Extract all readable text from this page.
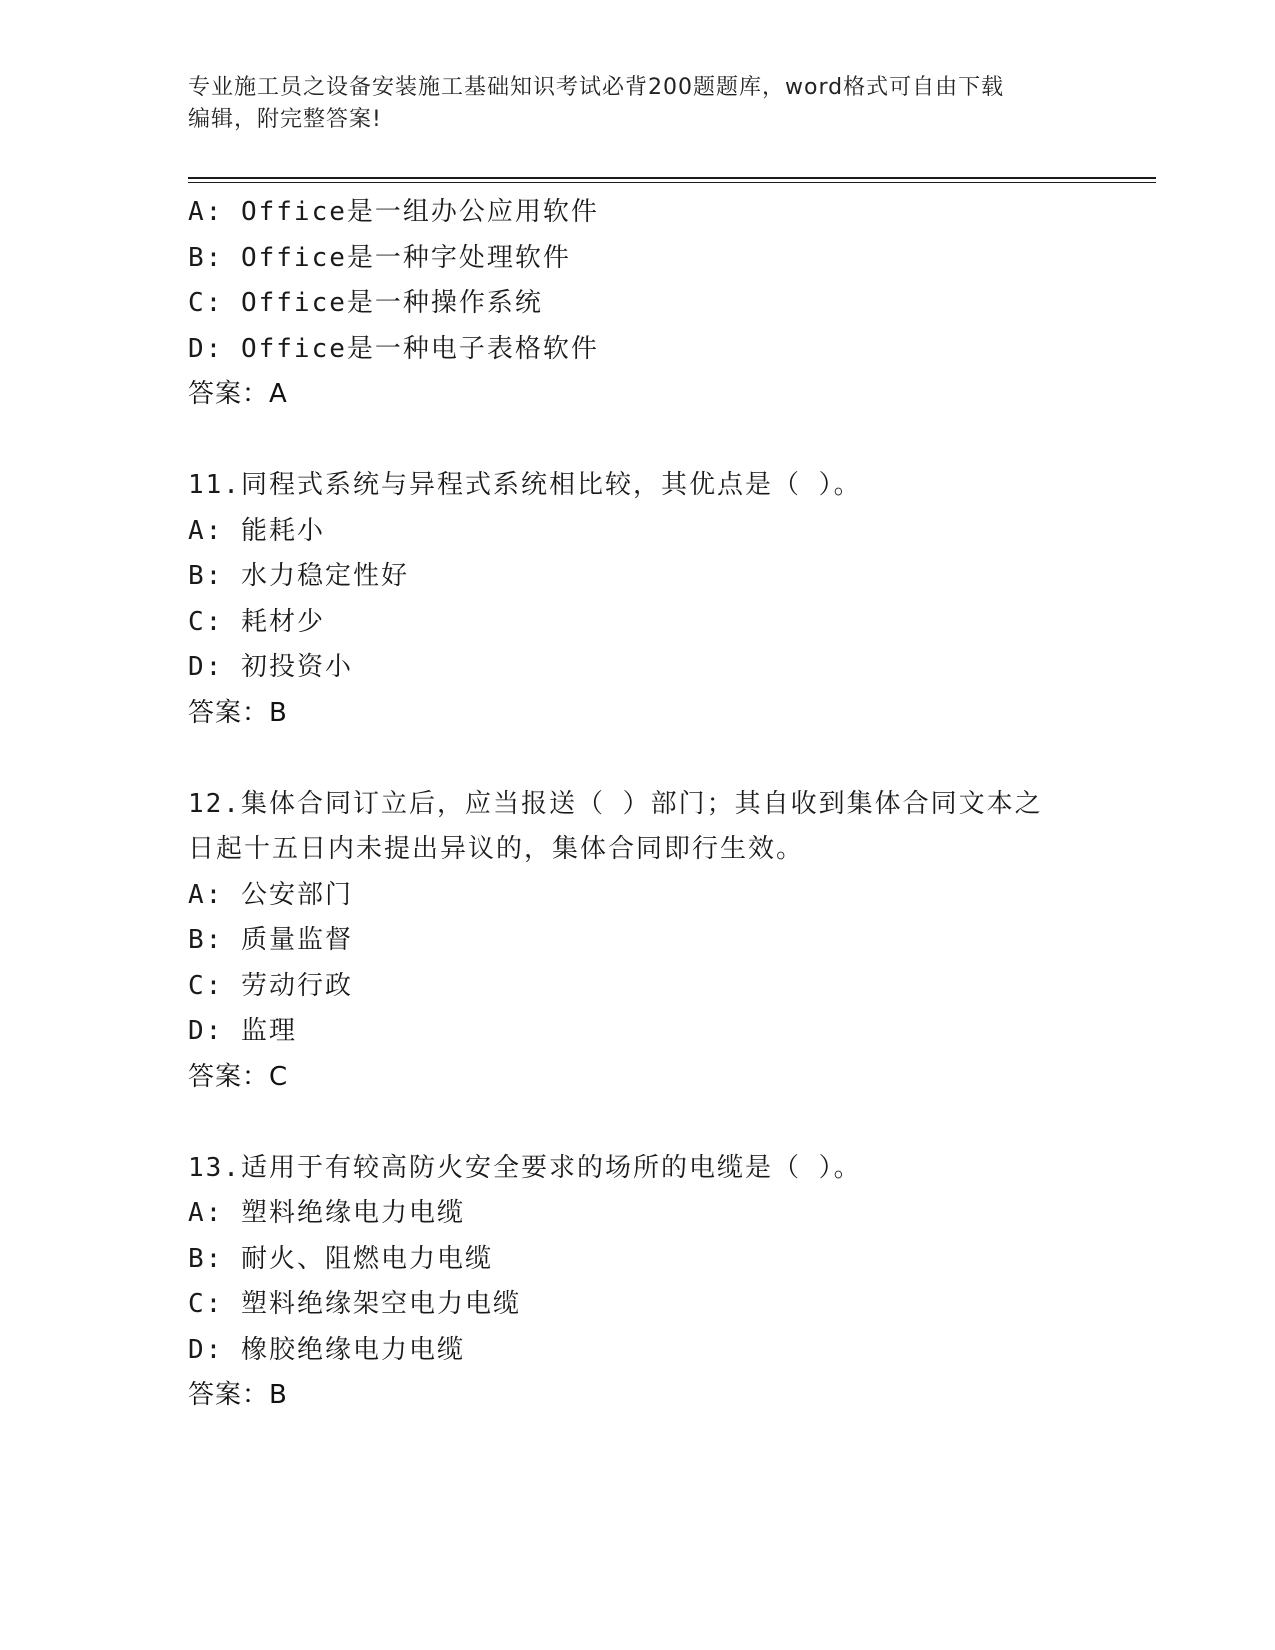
专业施工员之设备安装施工基础知识考试必背200题题库，word格式可自由下载
编辑，附完整答案!
A: Office是一组办公应用软件
B: Office是一种字处理软件
C: Office是一种操作系统
D: Office是一种电子表格软件
答案：A
11.同程式系统与异程式系统相比较，其优点是（ ）。
A: 能耗小
B: 水力稳定性好
C: 耗材少
D: 初投资小
答案：B
12.集体合同订立后，应当报送（ ）部门；其自收到集体合同文本之
日起十五日内未提出异议的，集体合同即行生效。
A: 公安部门
B: 质量监督
C: 劳动行政
D: 监理
答案：C
13.适用于有较高防火安全要求的场所的电缆是（ ）。
A: 塑料绝缘电力电缆
B: 耐火、阻燃电力电缆
C: 塑料绝缘架空电力电缆
D: 橡胶绝缘电力电缆
答案：B
